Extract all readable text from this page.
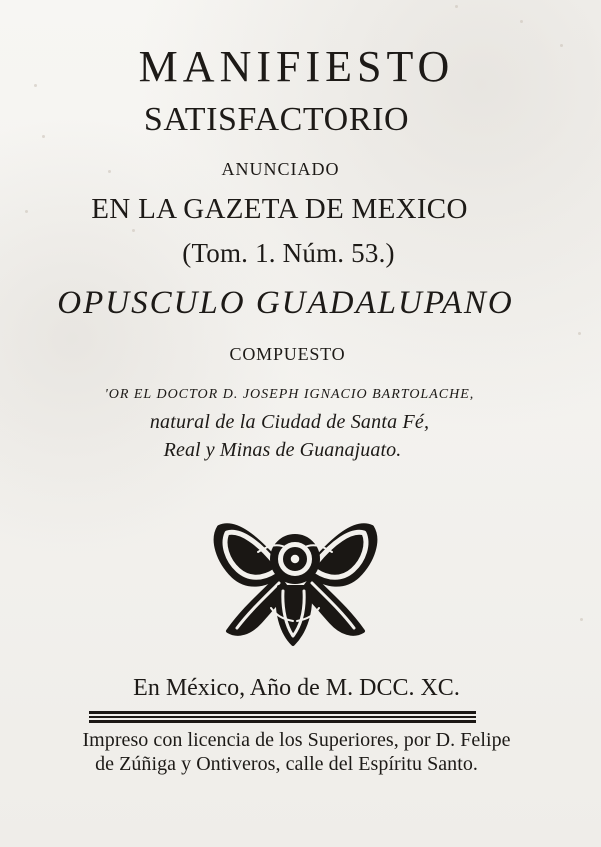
MANIFIESTO
SATISFACTORIO
ANUNCIADO
EN LA GAZETA DE MEXICO
(Tom. 1. Núm. 53.)
OPUSCULO GUADALUPANO
COMPUESTO
'OR EL DOCTOR D. JOSEPH IGNACIO BARTOLACHE,
natural de la Ciudad de Santa Fé,
Real y Minas de Guanajuato.
En México, Año de M. DCC. XC.
Impreso con licencia de los Superiores, por D. Felipe
de Zúñiga y Ontiveros, calle del Espíritu Santo.
